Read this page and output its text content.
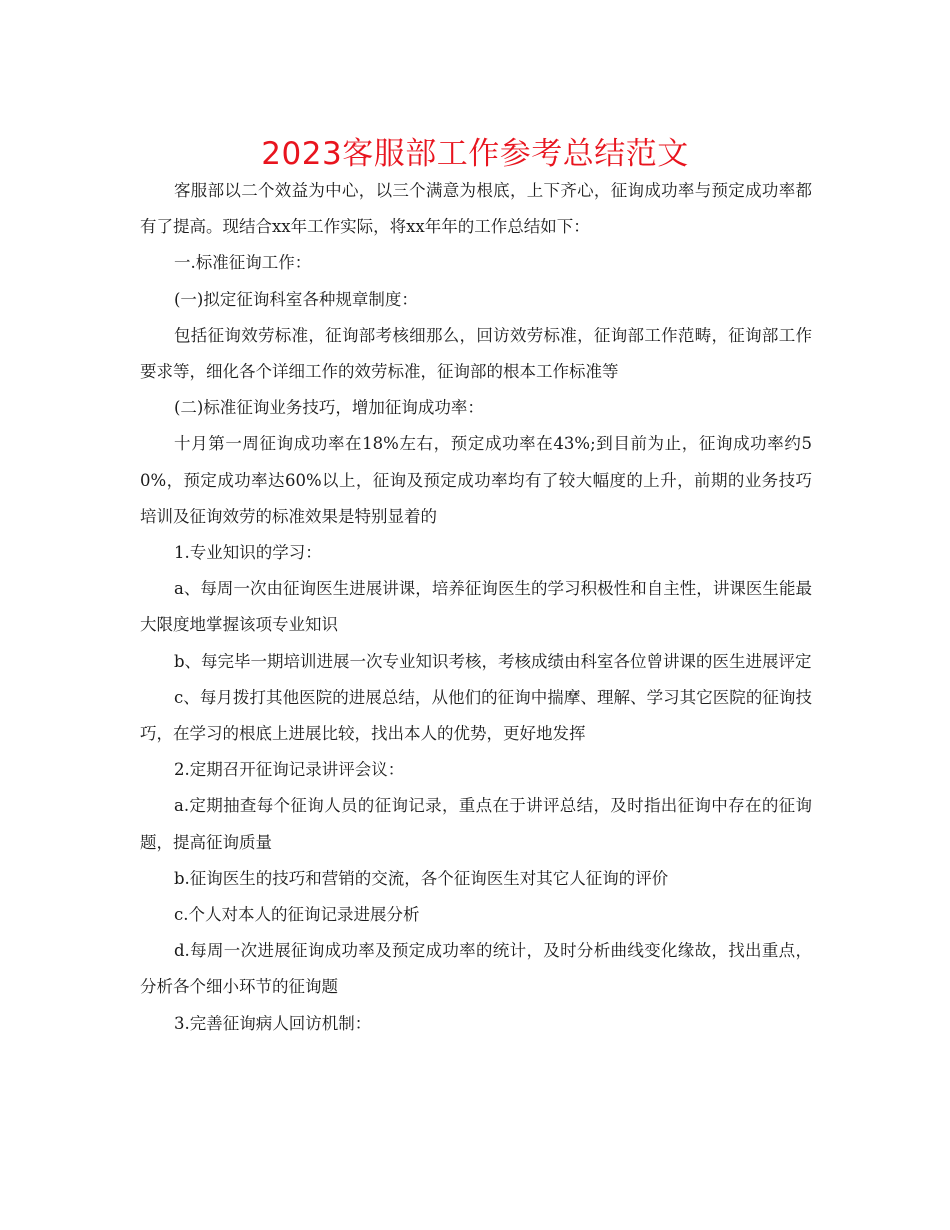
2023客服部工作参考总结范文

客服部以二个效益为中心，以三个满意为根底，上下齐心，征询成功率与预定成功率都有了提高。现结合xx年工作实际，将xx年年的工作总结如下：

一.标准征询工作：

(一)拟定征询科室各种规章制度：

包括征询效劳标准，征询部考核细那么，回访效劳标准，征询部工作范畴，征询部工作要求等，细化各个详细工作的效劳标准，征询部的根本工作标准等

(二)标准征询业务技巧，增加征询成功率：

十月第一周征询成功率在18%左右，预定成功率在43%;到目前为止，征询成功率约50%，预定成功率达60%以上，征询及预定成功率均有了较大幅度的上升，前期的业务技巧培训及征询效劳的标准效果是特别显着的

1.专业知识的学习：

a、每周一次由征询医生进展讲课，培养征询医生的学习积极性和自主性，讲课医生能最大限度地掌握该项专业知识

b、每完毕一期培训进展一次专业知识考核，考核成绩由科室各位曾讲课的医生进展评定

c、每月拨打其他医院的进展总结，从他们的征询中揣摩、理解、学习其它医院的征询技巧，在学习的根底上进展比较，找出本人的优势，更好地发挥

2.定期召开征询记录讲评会议：

a.定期抽查每个征询人员的征询记录，重点在于讲评总结，及时指出征询中存在的征询题，提高征询质量

b.征询医生的技巧和营销的交流，各个征询医生对其它人征询的评价

c.个人对本人的征询记录进展分析

d.每周一次进展征询成功率及预定成功率的统计，及时分析曲线变化缘故，找出重点，分析各个细小环节的征询题

3.完善征询病人回访机制：
